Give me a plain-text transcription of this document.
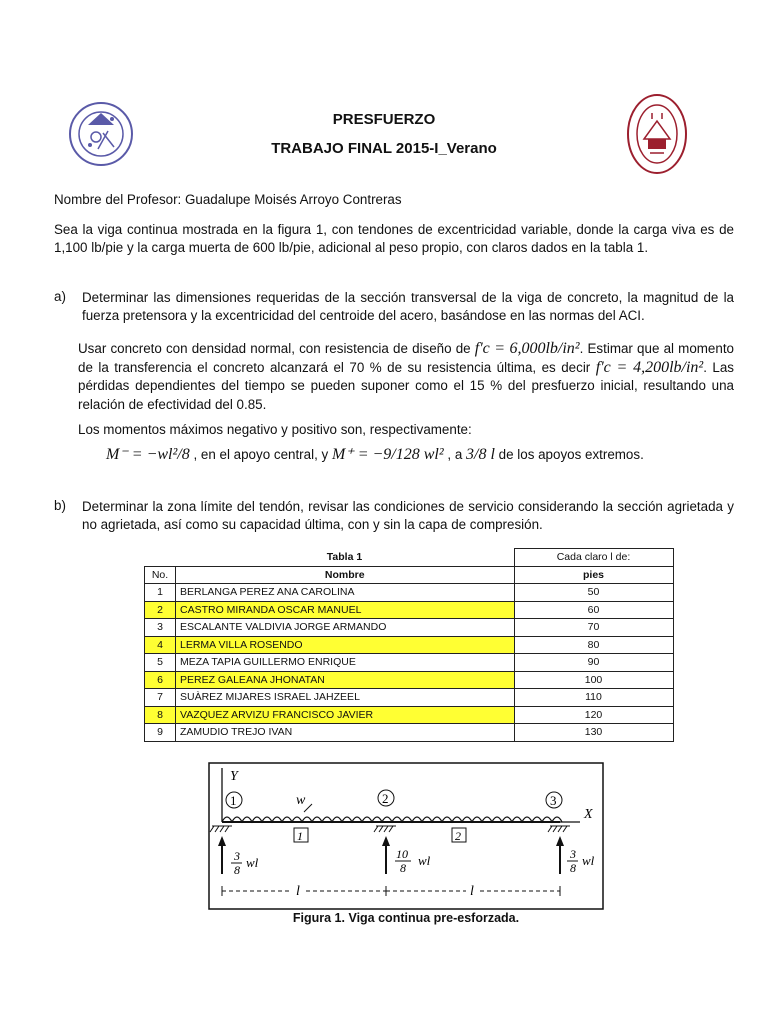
PRESFUERZO
TRABAJO FINAL 2015-I_Verano
Nombre del Profesor: Guadalupe Moisés Arroyo Contreras
Sea la viga continua mostrada en la figura 1, con tendones de excentricidad variable, donde la carga viva es de 1,100 lb/pie y la carga muerta de 600 lb/pie, adicional al peso propio, con claros dados en la tabla 1.
a) Determinar las dimensiones requeridas de la sección transversal de la viga de concreto, la magnitud de la fuerza pretensora y la excentricidad del centroide del acero, basándose en las normas del ACI.
Usar concreto con densidad normal, con resistencia de diseño de f'c = 6,000lb/in². Estimar que al momento de la transferencia el concreto alcanzará el 70 % de su resistencia última, es decir f'c = 4,200lb/in². Las pérdidas dependientes del tiempo se pueden suponer como el 15 % del presfuerzo inicial, resultando una relación de efectividad del 0.85.
Los momentos máximos negativo y positivo son, respectivamente:
M⁻ = −wl²/8 , en el apoyo central, y M⁺ = −9/128 wl² , a 3/8 l de los apoyos extremos.
b) Determinar la zona límite del tendón, revisar las condiciones de servicio considerando la sección agrietada y no agrietada, así como su capacidad última, con y sin la capa de compresión.
	Tabla 1	Cada claro l de:
No.	Nombre	pies
1	BERLANGA PEREZ ANA CAROLINA	50
2	CASTRO MIRANDA OSCAR MANUEL	60
3	ESCALANTE VALDIVIA JORGE ARMANDO	70
4	LERMA VILLA ROSENDO	80
5	MEZA TAPIA GUILLERMO ENRIQUE	90
6	PEREZ GALEANA JHONATAN	100
7	SUÀREZ MIJARES ISRAEL JAHZEEL	110
8	VAZQUEZ ARVIZU FRANCISCO JAVIER	120
9	ZAMUDIO TREJO IVAN	130
Y
X
w
1	2	3
1	2
3
8 wl
10
8 wl	3
8 wl
l	l
Figura 1. Viga continua pre-esforzada.
